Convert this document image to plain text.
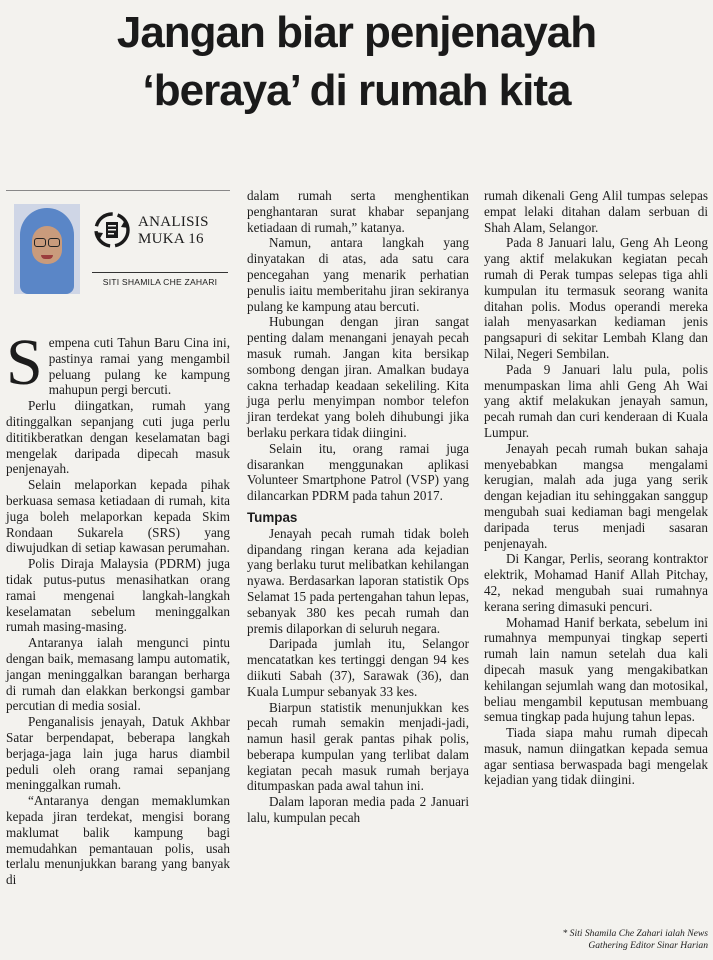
Jangan biar penjenayah
‘beraya’ di rumah kita
ANALISIS
MUKA 16
SITI SHAMILA CHE ZAHARI

Sempena cuti Tahun Baru Cina ini, pastinya ramai yang mengambil peluang pulang ke kampung mahupun pergi bercuti.

Perlu diingatkan, rumah yang ditinggalkan sepanjang cuti juga perlu dititikberatkan dengan keselamatan bagi mengelak daripada dipecah masuk penjenayah.

Selain melaporkan kepada pihak berkuasa semasa ketiadaan di rumah, kita juga boleh melaporkan kepada Skim Rondaan Sukarela (SRS) yang diwujudkan di setiap kawasan perumahan.

Polis Diraja Malaysia (PDRM) juga tidak putus-putus menasihatkan orang ramai mengenai langkah-langkah keselamatan sebelum meninggalkan rumah masing-masing.

Antaranya ialah mengunci pintu dengan baik, memasang lampu automatik, jangan meninggalkan barangan berharga di rumah dan elakkan berkongsi gambar percutian di media sosial.

Penganalisis jenayah, Datuk Akhbar Satar berpendapat, beberapa langkah berjaga-jaga lain juga harus diambil peduli oleh orang ramai sepanjang meninggalkan rumah.

“Antaranya dengan memaklumkan kepada jiran terdekat, mengisi borang maklumat balik kampung bagi memudahkan pemantauan polis, usah terlalu menunjukkan barang yang banyak di

dalam rumah serta menghentikan penghantaran surat khabar sepanjang ketiadaan di rumah,” katanya.

Namun, antara langkah yang dinyatakan di atas, ada satu cara pencegahan yang menarik perhatian penulis iaitu memberitahu jiran sekiranya pulang ke kampung atau bercuti.

Hubungan dengan jiran sangat penting dalam menangani jenayah pecah masuk rumah. Jangan kita bersikap sombong dengan jiran. Amalkan budaya cakna terhadap keadaan sekeliling. Kita juga perlu menyimpan nombor telefon jiran terdekat yang boleh dihubungi jika berlaku perkara tidak diingini.

Selain itu, orang ramai juga disarankan menggunakan aplikasi Volunteer Smartphone Patrol (VSP) yang dilancarkan PDRM pada tahun 2017.

Tumpas

Jenayah pecah rumah tidak boleh dipandang ringan kerana ada kejadian yang berlaku turut melibatkan kehilangan nyawa. Berdasarkan laporan statistik Ops Selamat 15 pada pertengahan tahun lepas, sebanyak 380 kes pecah rumah dan premis dilaporkan di seluruh negara.

Daripada jumlah itu, Selangor mencatatkan kes tertinggi dengan 94 kes diikuti Sabah (37), Sarawak (36), dan Kuala Lumpur sebanyak 33 kes.

Biarpun statistik menunjukkan kes pecah rumah semakin menjadi-jadi, namun hasil gerak pantas pihak polis, beberapa kumpulan yang terlibat dalam kegiatan pecah masuk rumah berjaya ditumpaskan pada awal tahun ini.

Dalam laporan media pada 2 Januari lalu, kumpulan pecah

rumah dikenali Geng Alil tumpas selepas empat lelaki ditahan dalam serbuan di Shah Alam, Selangor.

Pada 8 Januari lalu, Geng Ah Leong yang aktif melakukan kegiatan pecah rumah di Perak tumpas selepas tiga ahli kumpulan itu termasuk seorang wanita ditahan polis. Modus operandi mereka ialah menyasarkan kediaman jenis pangsapuri di sekitar Lembah Klang dan Nilai, Negeri Sembilan.

Pada 9 Januari lalu pula, polis menumpaskan lima ahli Geng Ah Wai yang aktif melakukan jenayah samun, pecah rumah dan curi kenderaan di Kuala Lumpur.

Jenayah pecah rumah bukan sahaja menyebabkan mangsa mengalami kerugian, malah ada juga yang serik dengan kejadian itu sehinggakan sanggup mengubah suai kediaman bagi mengelak daripada terus menjadi sasaran penjenayah.

Di Kangar, Perlis, seorang kontraktor elektrik, Mohamad Hanif Allah Pitchay, 42, nekad mengubah suai rumahnya kerana sering dimasuki pencuri.

Mohamad Hanif berkata, sebelum ini rumahnya mempunyai tingkap seperti rumah lain namun setelah dua kali dipecah masuk yang mengakibatkan kehilangan sejumlah wang dan motosikal, beliau mengambil keputusan membuang semua tingkap pada hujung tahun lepas.

Tiada siapa mahu rumah dipecah masuk, namun diingatkan kepada semua agar sentiasa berwaspada bagi mengelak kejadian yang tidak diingini.

* Siti Shamila Che Zahari ialah News
Gathering Editor Sinar Harian
